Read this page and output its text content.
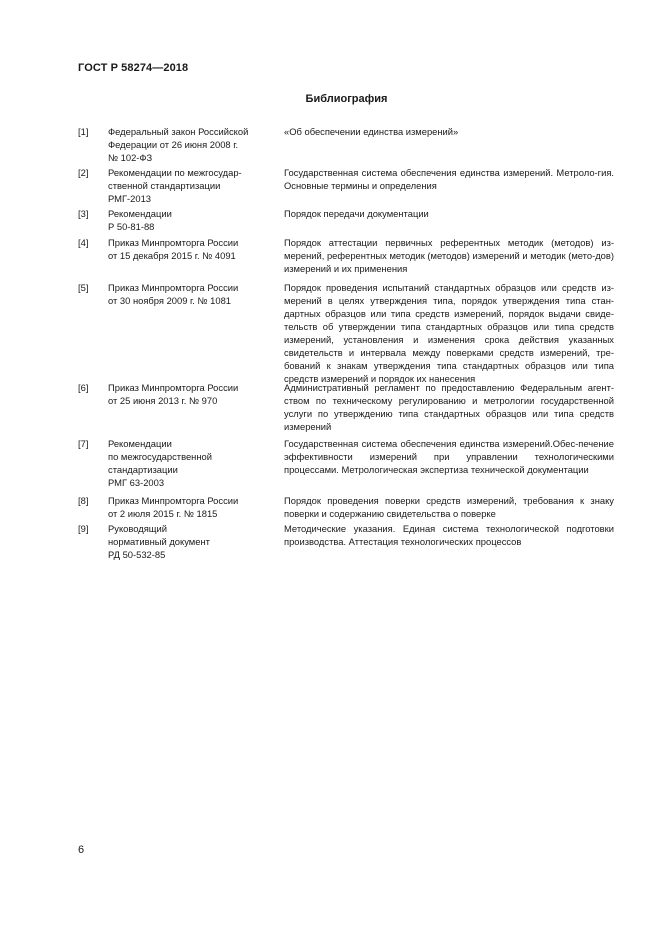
ГОСТ Р 58274—2018
Библиография
[1]	Федеральный закон Российской
Федерации от 26 июня 2008 г.
№ 102-ФЗ
«Об обеспечении единства измерений»
[2]	Рекомендации по межгосудар-
ственной стандартизации
РМГ-2013
Государственная система обеспечения единства измерений. Метроло-гия. Основные термины и определения
[3]	Рекомендации
Р 50-81-88
Порядок передачи документации
[4]	Приказ Минпромторга России
от 15 декабря 2015 г. № 4091
Порядок аттестации первичных референтных методик (методов) из-мерений, референтных методик (методов) измерений и методик (мето-дов) измерений и их применения
[5]	Приказ Минпромторга России
от 30 ноября 2009 г. № 1081
Порядок проведения испытаний стандартных образцов или средств из-мерений в целях утверждения типа, порядок утверждения типа стан-дартных образцов или типа средств измерений, порядок выдачи свиде-тельств об утверждении типа стандартных образцов или типа средств измерений, установления и изменения срока действия указанных свидетельств и интервала между поверками средств измерений, тре-бований к знакам утверждения типа стандартных образцов или типа средств измерений и порядок их нанесения
[6]	Приказ Минпромторга России
от 25 июня 2013 г. № 970
Административный регламент по предоставлению Федеральным агент-ством по техническому регулированию и метрологии государственной услуги по утверждению типа стандартных образцов или типа средств измерений
[7]	Рекомендации
по межгосударственной
стандартизации
РМГ 63-2003
Государственная система обеспечения единства измерений.Обес-печение эффективности измерений при управлении технологическими процессами. Метрологическая экспертиза технической документации
[8]	Приказ Минпромторга России
от 2 июля 2015 г. № 1815
Порядок проведения поверки средств измерений, требования к знаку поверки и содержанию свидетельства о поверке
[9]	Руководящий
нормативный документ
РД 50-532-85
Методические указания. Единая система технологической подготовки производства. Аттестация технологических процессов
6
